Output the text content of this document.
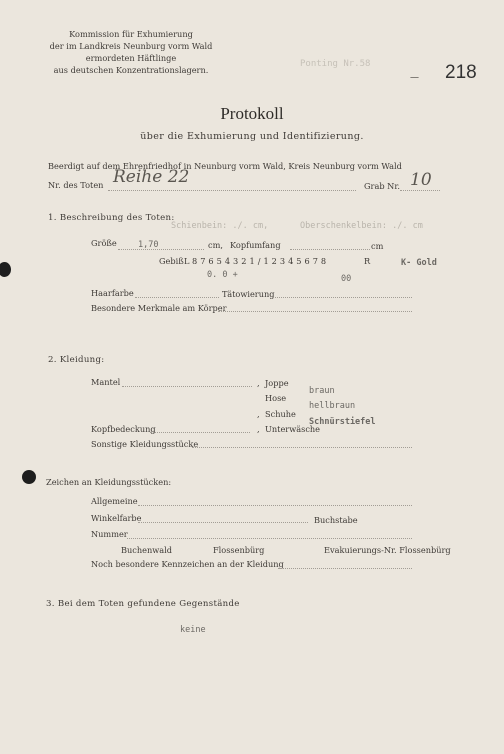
Kommission für Exhumierung
der im Landkreis Neunburg vorm Wald
ermordeten Häftlinge
aus deutschen Konzentrationslagern.
Ponting Nr.58
— 218
Protokoll
über die Exhumierung und Identifizierung.
Beerdigt auf dem Ehrenfriedhof in Neunburg vorm Wald, Kreis Neunburg vorm Wald
Nr. des Toten Reihe 22	Grab Nr. 10
1. Beschreibung des Toten:
Schienbein: ./. cm,	Oberschenkelbein: ./. cm
Größe	1,70	cm, Kopfumfang	cm
Gebiß L 8 7 6 5 4 3 2 1 / 1 2 3 4 5 6 7 8	R	K- Gold
0. 0 +	00
Haarfarbe	Tätowierung
Besondere Merkmale am Körper
2. Kleidung:
Mantel	, Joppe
braun
Hose
hellbraun
, Schuhe
Schnürstiefel
Kopfbedeckung	, Unterwäsche
Sonstige Kleidungsstücke
Zeichen an Kleidungsstücken:
Allgemeine
Winkelfarbe	Buchstabe
Nummer
Buchenwald	Flossenbürg	Evakuierungs-Nr. Flossenbürg
Noch besondere Kennzeichen an der Kleidung
3. Bei dem Toten gefundene Gegenstände
keine
